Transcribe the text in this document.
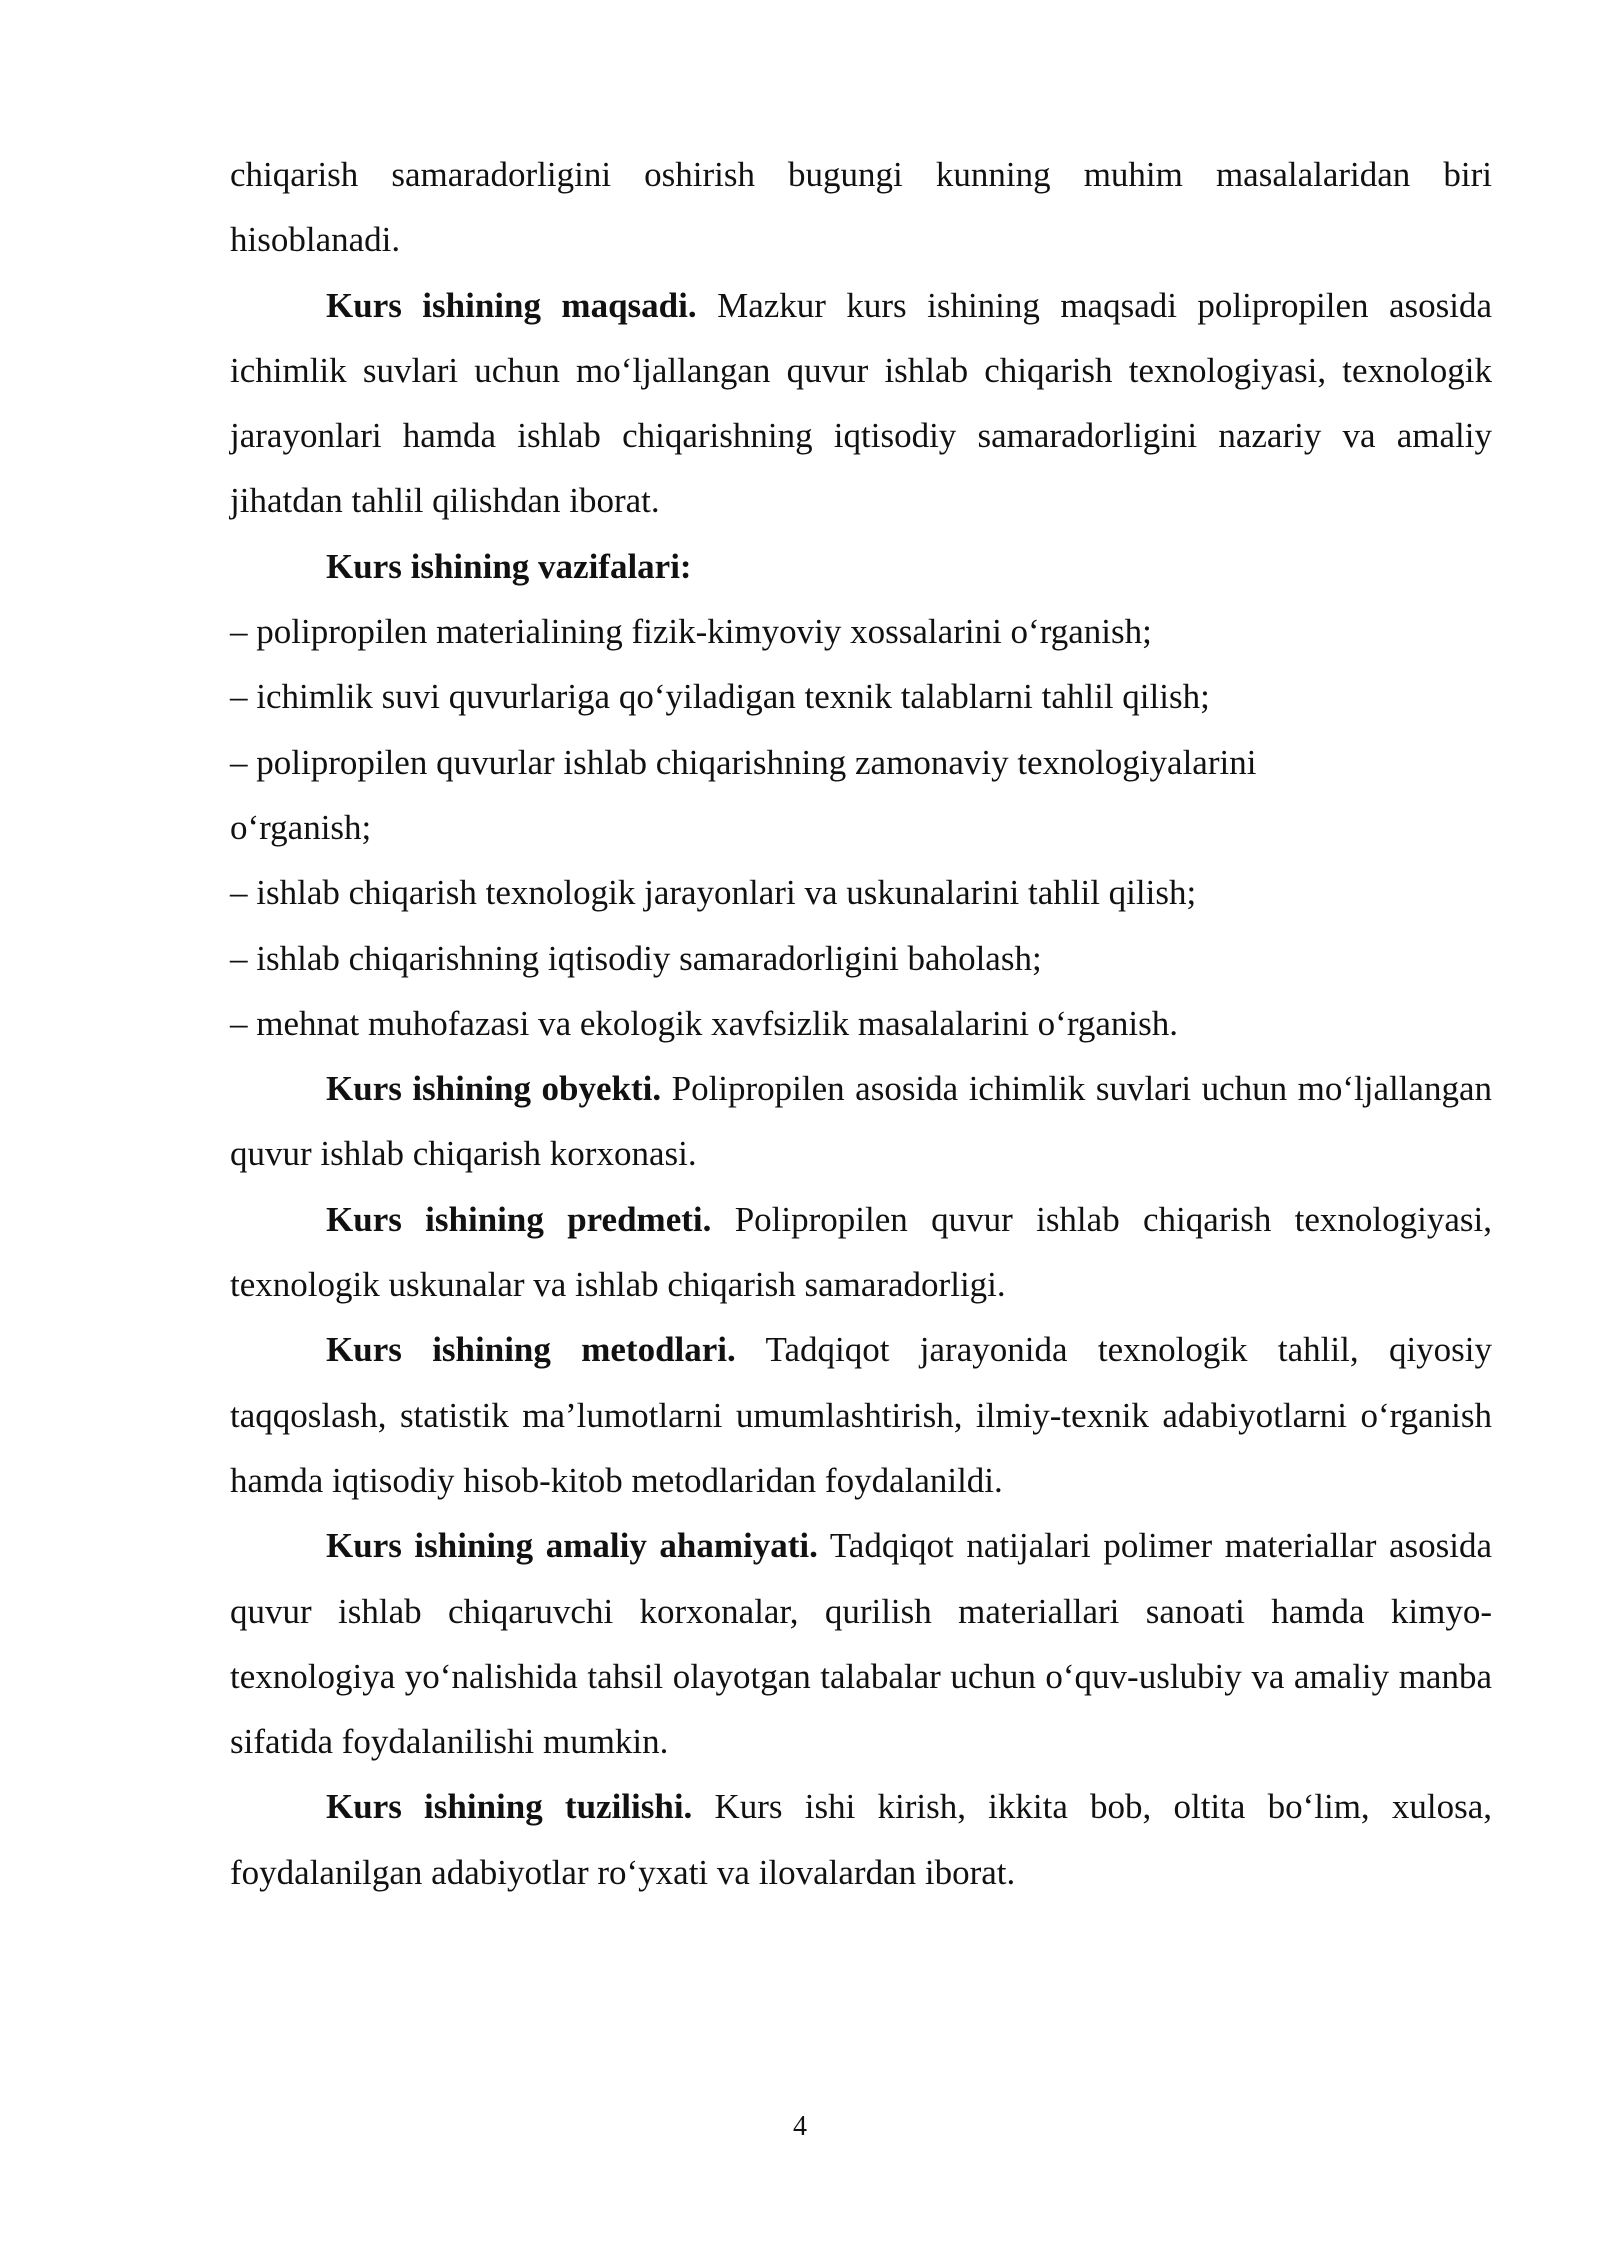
chiqarish samaradorligini oshirish bugungi kunning muhim masalalaridan biri hisoblanadi.

Kurs ishining maqsadi. Mazkur kurs ishining maqsadi polipropilen asosida ichimlik suvlari uchun mo‘ljallangan quvur ishlab chiqarish texnologiyasi, texnologik jarayonlari hamda ishlab chiqarishning iqtisodiy samaradorligini nazariy va amaliy jihatdan tahlil qilishdan iborat.

Kurs ishining vazifalari:

– polipropilen materialining fizik-kimyoviy xossalarini o‘rganish;

– ichimlik suvi quvurlariga qo‘yiladigan texnik talablarni tahlil qilish;

– polipropilen quvurlar ishlab chiqarishning zamonaviy texnologiyalarini o‘rganish;

– ishlab chiqarish texnologik jarayonlari va uskunalarini tahlil qilish;

– ishlab chiqarishning iqtisodiy samaradorligini baholash;

– mehnat muhofazasi va ekologik xavfsizlik masalalarini o‘rganish.

Kurs ishining obyekti. Polipropilen asosida ichimlik suvlari uchun mo‘ljallangan quvur ishlab chiqarish korxonasi.

Kurs ishining predmeti. Polipropilen quvur ishlab chiqarish texnologiyasi, texnologik uskunalar va ishlab chiqarish samaradorligi.

Kurs ishining metodlari. Tadqiqot jarayonida texnologik tahlil, qiyosiy taqqoslash, statistik ma’lumotlarni umumlashtirish, ilmiy-texnik adabiyotlarni o‘rganish hamda iqtisodiy hisob-kitob metodlaridan foydalanildi.

Kurs ishining amaliy ahamiyati. Tadqiqot natijalari polimer materiallar asosida quvur ishlab chiqaruvchi korxonalar, qurilish materiallari sanoati hamda kimyo-texnologiya yo‘nalishida tahsil olayotgan talabalar uchun o‘quv-uslubiy va amaliy manba sifatida foydalanilishi mumkin.

Kurs ishining tuzilishi. Kurs ishi kirish, ikkita bob, oltita bo‘lim, xulosa, foydalanilgan adabiyotlar ro‘yxati va ilovalardan iborat.

4
